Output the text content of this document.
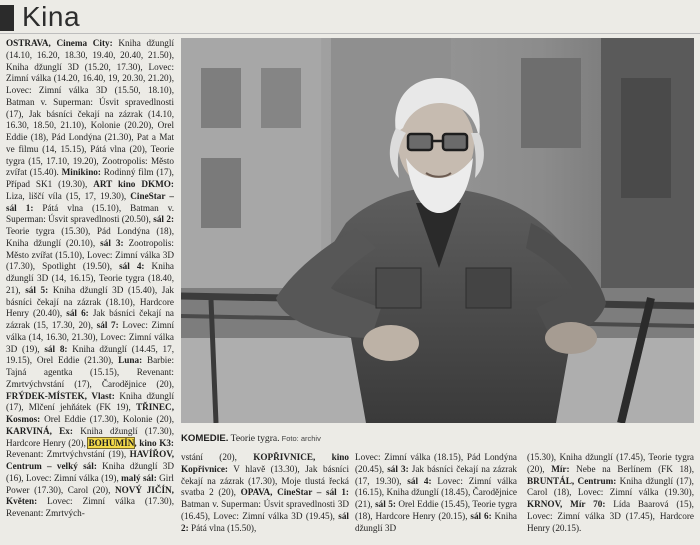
Kina
OSTRAVA, Cinema City: Kniha džunglí (14.10, 16.20, 18.30, 19.40, 20.40, 21.50), Kniha džunglí 3D (15.20, 17.30), Lovec: Zimní válka (14.20, 16.40, 19, 20.30, 21.20), Lovec: Zimní válka 3D (15.50, 18.10), Batman v. Superman: Úsvit spravedlnosti (17), Jak básníci čekají na zázrak (14.10, 16.30, 18.50, 21.10), Kolonie (20.20), Orel Eddie (18), Pád Londýna (21.30), Pat a Mat ve filmu (14, 15.15), Pátá vlna (20), Teorie tygra (15, 17.10, 19.20), Zootropolis: Město zvířat (15.40). Minikino: Rodinný film (17), Případ SK1 (19.30), ART kino DKMO: Liza, liščí víla (15, 17, 19.30), CineStar – sál 1: Pátá vlna (15.10), Batman v. Superman: Úsvit spravedlnosti (20.50), sál 2: Teorie tygra (15.30), Pád Londýna (18), Kniha džunglí (20.10), sál 3: Zootropolis: Město zvířat (15.10), Lovec: Zimní válka 3D (17.30), Spotlight (19.50), sál 4: Kniha džunglí 3D (14, 16.15), Teorie tygra (18.40, 21), sál 5: Kniha džunglí 3D (15.40), Jak básníci čekají na zázrak (18.10), Hardcore Henry (20.40), sál 6: Jak básníci čekají na zázrak (15, 17.30, 20), sál 7: Lovec: Zimní válka (14, 16.30, 21.30), Lovec: Zimní válka 3D (19), sál 8: Kniha džunglí (14.45, 17, 19.15), Orel Eddie (21.30), Luna: Barbie: Tajná agentka (15.15), Revenant: Zmrtvýchvstání (17), Čarodějnice (20), FRÝDEK-MÍSTEK, Vlast: Kniha džunglí (17), Mlčení jehňátek (FK 19), TŘINEC, Kosmos: Orel Eddie (17.30), Kolonie (20), KARVINÁ, Ex: Kniha džunglí (17.30), Hardcore Henry (20), BOHUMÍN, kino K3: Revenant: Zmrtvýchvstání (19), HAVÍŘOV, Centrum – velký sál: Kniha džunglí 3D (16), Lovec: Zimní válka (19), malý sál: Girl Power (17.30), Carol (20), NOVÝ JIČÍN, Květen: Lovec: Zimní válka (17.30), Revenant: Zmrtvých-
KOMEDIE. Teorie tygra. Foto: archiv
vstání (20), KOPŘIVNICE, kino Kopřivnice: V hlavě (13.30), Jak básníci čekají na zázrak (17.30), Moje tlustá řecká svatba 2 (20), OPAVA, CineStar – sál 1: Batman v. Superman: Úsvit spravedlnosti 3D (16.45), Lovec: Zimní válka 3D (19.45), sál 2: Pátá vlna (15.50),
Lovec: Zimní válka (18.15), Pád Londýna (20.45), sál 3: Jak básníci čekají na zázrak (17, 19.30), sál 4: Lovec: Zimní válka (16.15), Kniha džunglí (18.45), Čarodějnice (21), sál 5: Orel Eddie (15.45), Teorie tygra (18), Hardcore Henry (20.15), sál 6: Kniha džunglí 3D
(15.30), Kniha džunglí (17.45), Teorie tygra (20), Mír: Nebe na Berlínem (FK 18), BRUNTÁL, Centrum: Kniha džunglí (17), Carol (18), Lovec: Zimní válka (19.30), KRNOV, Mír 70: Lída Baarová (15), Lovec: Zimní válka 3D (17.45), Hardcore Henry (20.15).
